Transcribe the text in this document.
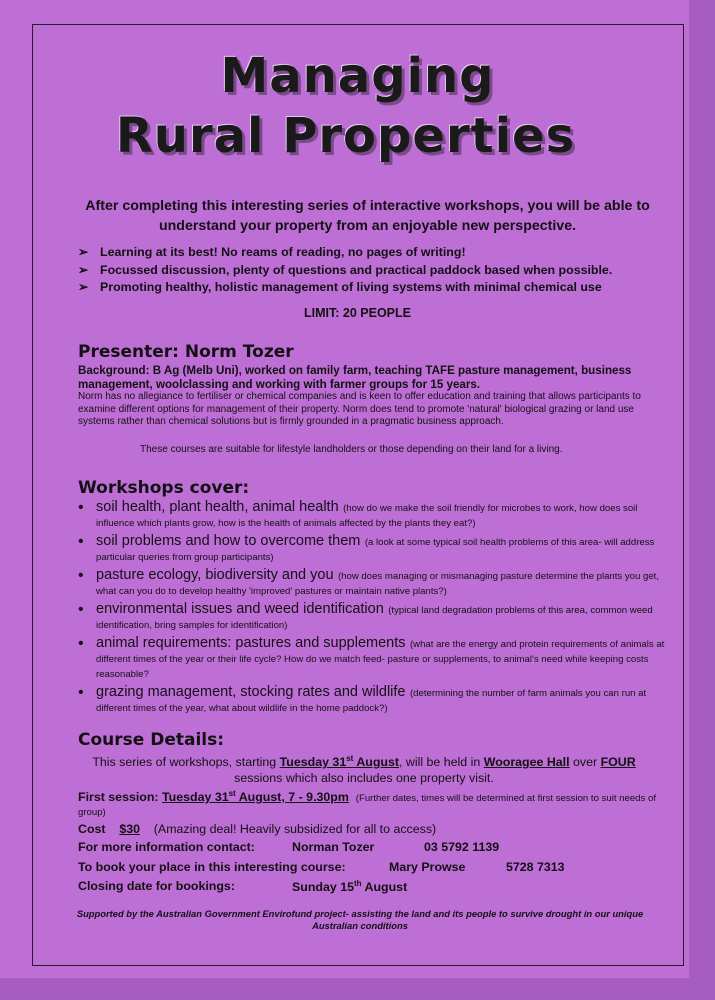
Managing
Rural Properties
After completing this interesting series of interactive workshops, you will be able to understand your property from an enjoyable new perspective.
➢ Learning at its best! No reams of reading, no pages of writing!
➢ Focussed discussion, plenty of questions and practical paddock based when possible.
➢ Promoting healthy, holistic management of living systems with minimal chemical use
LIMIT: 20 PEOPLE
Presenter: Norm Tozer
Background: B Ag (Melb Uni), worked on family farm, teaching TAFE pasture management, business management, woolclassing and working with farmer groups for 15 years.
Norm has no allegiance to fertiliser or chemical companies and is keen to offer education and training that allows participants to examine different options for management of their property. Norm does tend to promote 'natural' biological grazing or land use systems rather than chemical solutions but is firmly grounded in a pragmatic business approach.
These courses are suitable for lifestyle landholders or those depending on their land for a living.
Workshops cover:
• soil health, plant health, animal health (how do we make the soil friendly for microbes to work, how does soil influence which plants grow, how is the health of animals affected by the plants they eat?)
• soil problems and how to overcome them (a look at some typical soil health problems of this area- will address particular queries from group participants)
• pasture ecology, biodiversity and you (how does managing or mismanaging pasture determine the plants you get, what can you do to develop healthy 'improved' pastures or maintain native plants?)
• environmental issues and weed identification (typical land degradation problems of this area, common weed identification, bring samples for identification)
• animal requirements: pastures and supplements (what are the energy and protein requirements of animals at different times of the year or their life cycle? How do we match feed- pasture or supplements, to animal's need while keeping costs reasonable?
• grazing management, stocking rates and wildlife (determining the number of farm animals you can run at different times of the year, what about wildlife in the home paddock?)
Course Details:
This series of workshops, starting Tuesday 31st August, will be held in Wooragee Hall over FOUR sessions which also includes one property visit.
First session: Tuesday 31st August, 7 - 9.30pm (Further dates, times will be determined at first session to suit needs of group)
Cost $30 (Amazing deal! Heavily subsidized for all to access)
For more information contact:	Norman Tozer	03 5792 1139
To book your place in this interesting course:	Mary Prowse	5728 7313
Closing date for bookings:	Sunday 15th August
Supported by the Australian Government Envirofund project- assisting the land and its people to survive drought in our unique Australian conditions
